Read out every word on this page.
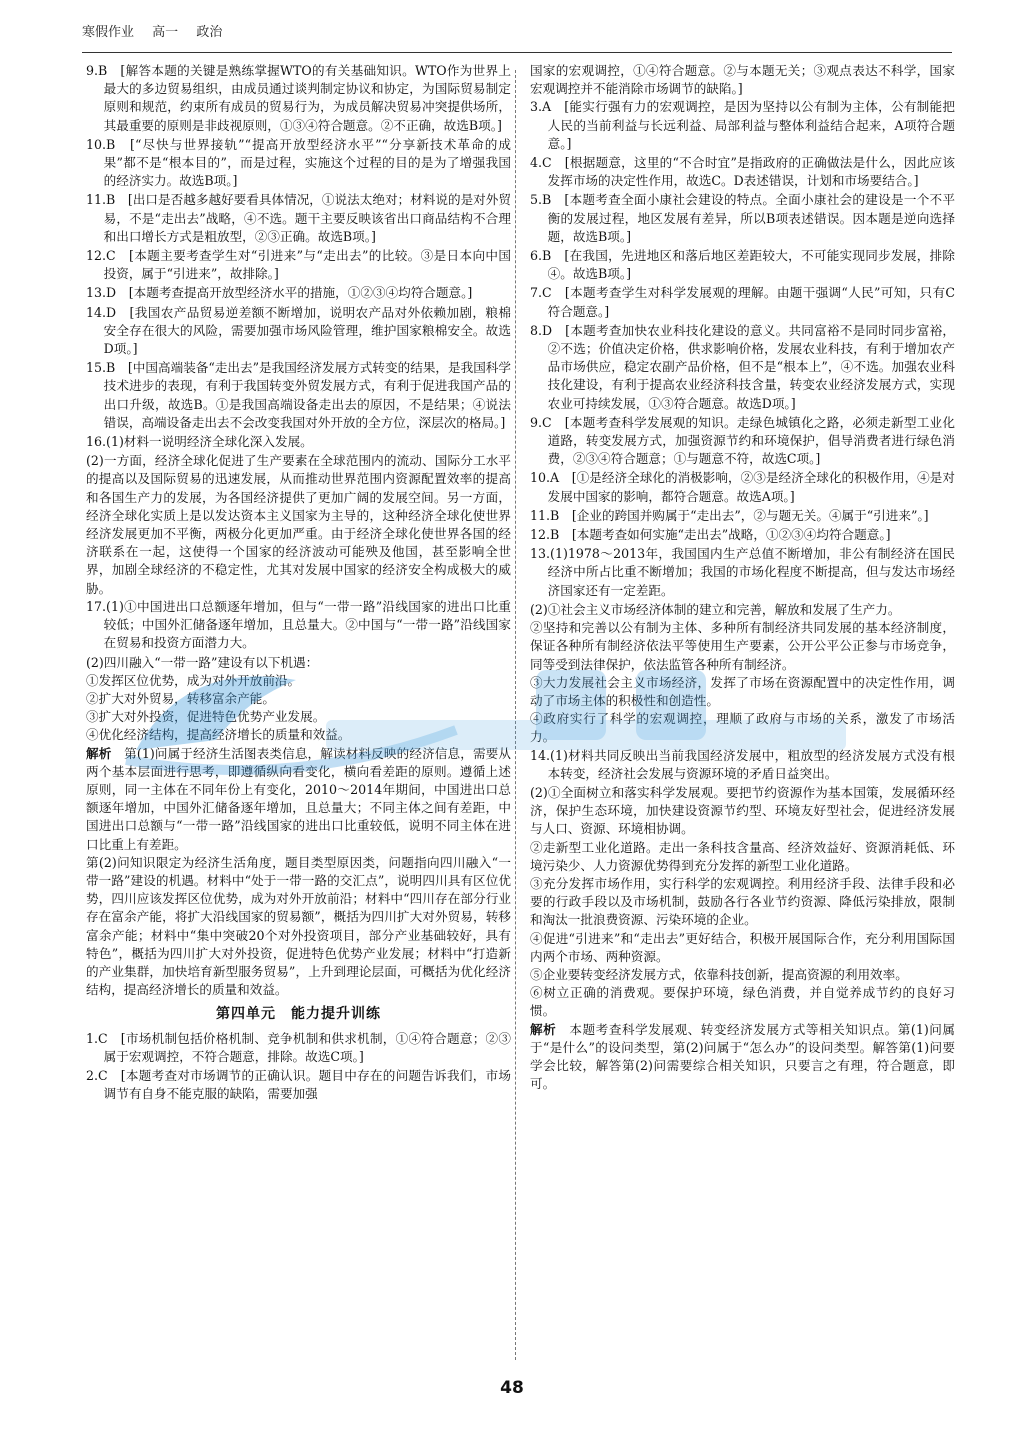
寒假作业 高一 政治
9.B　[解答本题的关键是熟练掌握WTO的有关基础知识。WTO作为世界上最大的多边贸易组织，由成员通过谈判制定协议和协定，为国际贸易制定原则和规范，约束所有成员的贸易行为，为成员解决贸易冲突提供场所，其最重要的原则是非歧视原则，①③④符合题意。②不正确，故选B项。]
10.B　[“尽快与世界接轨”“提高开放型经济水平”“分享新技术革命的成果”都不是“根本目的”，而是过程，实施这个过程的目的是为了增强我国的经济实力。故选B项。]
11.B　[出口是否越多越好要看具体情况，①说法太绝对；材料说的是对外贸易，不是“走出去”战略，④不选。题干主要反映该省出口商品结构不合理和出口增长方式是粗放型，②③正确。故选B项。]
12.C　[本题主要考查学生对“引进来”与“走出去”的比较。③是日本向中国投资，属于“引进来”，故排除。]
13.D　[本题考查提高开放型经济水平的措施，①②③④均符合题意。]
14.D　[我国农产品贸易逆差额不断增加，说明农产品对外依赖加剧，粮棉安全存在很大的风险，需要加强市场风险管理，维护国家粮棉安全。故选D项。]
15.B　[中国高端装备“走出去”是我国经济发展方式转变的结果，是我国科学技术进步的表现，有利于我国转变外贸发展方式，有利于促进我国产品的出口升级，故选B。①是我国高端设备走出去的原因，不是结果；④说法错误，高端设备走出去不会改变我国对外开放的全方位，深层次的格局。]
16.(1)材料一说明经济全球化深入发展。
(2)一方面，经济全球化促进了生产要素在全球范围内的流动、国际分工水平的提高以及国际贸易的迅速发展，从而推动世界范围内资源配置效率的提高和各国生产力的发展，为各国经济提供了更加广阔的发展空间。另一方面，经济全球化实质上是以发达资本主义国家为主导的，这种经济全球化使世界经济发展更加不平衡，两极分化更加严重。由于经济全球化使世界各国的经济联系在一起，这使得一个国家的经济波动可能殃及他国，甚至影响全世界，加剧全球经济的不稳定性，尤其对发展中国家的经济安全构成极大的威胁。
17.(1)①中国进出口总额逐年增加，但与“一带一路”沿线国家的进出口比重较低；中国外汇储备逐年增加，且总量大。②中国与“一带一路”沿线国家在贸易和投资方面潜力大。
(2)四川融入“一带一路”建设有以下机遇：
①发挥区位优势，成为对外开放前沿。
②扩大对外贸易，转移富余产能。
③扩大对外投资，促进特色优势产业发展。
④优化经济结构，提高经济增长的质量和效益。
解析　第(1)问属于经济生活图表类信息，解读材料反映的经济信息，需要从两个基本层面进行思考，即遵循纵向看变化，横向看差距的原则。遵循上述原则，同一主体在不同年份上有变化，2010～2014年期间，中国进出口总额逐年增加，中国外汇储备逐年增加，且总量大；不同主体之间有差距，中国进出口总额与“一带一路”沿线国家的进出口比重较低，说明不同主体在进口比重上有差距。
第(2)问知识限定为经济生活角度，题目类型原因类，问题指向四川融入“一带一路”建设的机遇。材料中“处于一带一路的交汇点”，说明四川具有区位优势，四川应该发挥区位优势，成为对外开放前沿；材料中“四川存在部分行业存在富余产能，将扩大沿线国家的贸易额”，概括为四川扩大对外贸易，转移富余产能；材料中“集中突破20个对外投资项目，部分产业基础较好，具有特色”，概括为四川扩大对外投资，促进特色优势产业发展；材料中“打造新的产业集群，加快培育新型服务贸易”，上升到理论层面，可概括为优化经济结构，提高经济增长的质量和效益。
第四单元　能力提升训练
1.C　[市场机制包括价格机制、竞争机制和供求机制，①④符合题意；②③属于宏观调控，不符合题意，排除。故选C项。]
2.C　[本题考查对市场调节的正确认识。题目中存在的问题告诉我们，市场调节有自身不能克服的缺陷，需要加强
国家的宏观调控，①④符合题意。②与本题无关；③观点表达不科学，国家宏观调控并不能消除市场调节的缺陷。]
3.A　[能实行强有力的宏观调控，是因为坚持以公有制为主体，公有制能把人民的当前利益与长远利益、局部利益与整体利益结合起来，A项符合题意。]
4.C　[根据题意，这里的“不合时宜”是指政府的正确做法是什么，因此应该发挥市场的决定性作用，故选C。D表述错误，计划和市场要结合。]
5.B　[本题考查全面小康社会建设的特点。全面小康社会的建设是一个不平衡的发展过程，地区发展有差异，所以B项表述错误。因本题是逆向选择题，故选B项。]
6.B　[在我国，先进地区和落后地区差距较大，不可能实现同步发展，排除④。故选B项。]
7.C　[本题考查学生对科学发展观的理解。由题干强调“人民”可知，只有C符合题意。]
8.D　[本题考查加快农业科技化建设的意义。共同富裕不是同时同步富裕，②不选；价值决定价格，供求影响价格，发展农业科技，有利于增加农产品市场供应，稳定农副产品价格，但不是“根本上”，④不选。加强农业科技化建设，有利于提高农业经济科技含量，转变农业经济发展方式，实现农业可持续发展，①③符合题意。故选D项。]
9.C　[本题考查科学发展观的知识。走绿色城镇化之路，必须走新型工业化道路，转变发展方式，加强资源节约和环境保护，倡导消费者进行绿色消费，②③④符合题意；①与题意不符，故选C项。]
10.A　[①是经济全球化的消极影响，②③是经济全球化的积极作用，④是对发展中国家的影响，都符合题意。故选A项。]
11.B　[企业的跨国并购属于“走出去”，②与题无关。④属于“引进来”。]
12.B　[本题考查如何实施“走出去”战略，①②③④均符合题意。]
13.(1)1978～2013年，我国国内生产总值不断增加，非公有制经济在国民经济中所占比重不断增加；我国的市场化程度不断提高，但与发达市场经济国家还有一定差距。
(2)①社会主义市场经济体制的建立和完善，解放和发展了生产力。
②坚持和完善以公有制为主体、多种所有制经济共同发展的基本经济制度，保证各种所有制经济依法平等使用生产要素，公开公平公正参与市场竞争，同等受到法律保护，依法监管各种所有制经济。
③大力发展社会主义市场经济，发挥了市场在资源配置中的决定性作用，调动了市场主体的积极性和创造性。
④政府实行了科学的宏观调控，理顺了政府与市场的关系，激发了市场活力。
14.(1)材料共同反映出当前我国经济发展中，粗放型的经济发展方式没有根本转变，经济社会发展与资源环境的矛盾日益突出。
(2)①全面树立和落实科学发展观。要把节约资源作为基本国策，发展循环经济，保护生态环境，加快建设资源节约型、环境友好型社会，促进经济发展与人口、资源、环境相协调。
②走新型工业化道路。走出一条科技含量高、经济效益好、资源消耗低、环境污染少、人力资源优势得到充分发挥的新型工业化道路。
③充分发挥市场作用，实行科学的宏观调控。利用经济手段、法律手段和必要的行政手段以及市场机制，鼓励各行各业节约资源、降低污染排放，限制和淘汰一批浪费资源、污染环境的企业。
④促进“引进来”和“走出去”更好结合，积极开展国际合作，充分利用国际国内两个市场、两种资源。
⑤企业要转变经济发展方式，依靠科技创新，提高资源的利用效率。
⑥树立正确的消费观。要保护环境，绿色消费，并自觉养成节约的良好习惯。
解析　本题考查科学发展观、转变经济发展方式等相关知识点。第(1)问属于“是什么”的设问类型，第(2)问属于“怎么办”的设问类型。解答第(1)问要学会比较，解答第(2)问需要综合相关知识，只要言之有理，符合题意，即可。
48
